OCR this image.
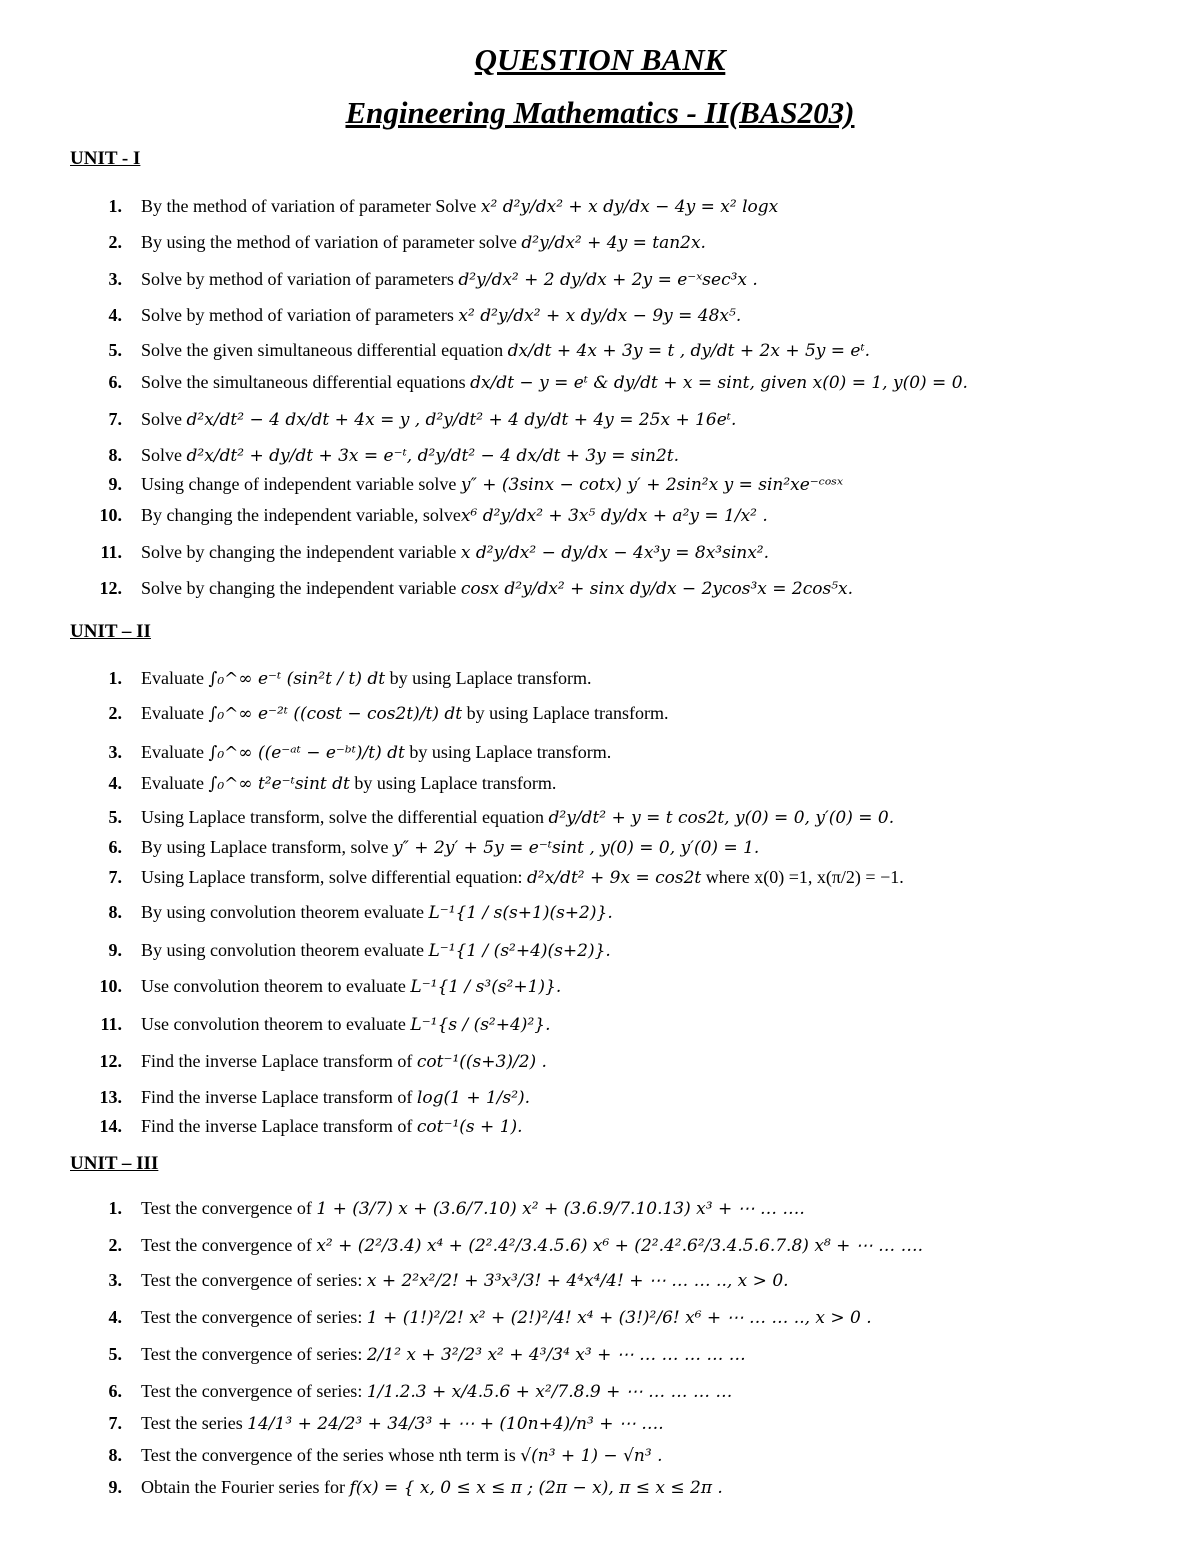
QUESTION BANK
Engineering Mathematics - II(BAS203)
UNIT - I
1. By the method of variation of parameter Solve x² d²y/dx² + x dy/dx − 4y = x² logx
2. By using the method of variation of parameter solve d²y/dx² + 4y = tan2x.
3. Solve by method of variation of parameters d²y/dx² + 2 dy/dx + 2y = e⁻ˣsec³x .
4. Solve by method of variation of parameters x² d²y/dx² + x dy/dx − 9y = 48x⁵.
5. Solve the given simultaneous differential equation dx/dt + 4x + 3y = t , dy/dt + 2x + 5y = eᵗ.
6. Solve the simultaneous differential equations dx/dt − y = eᵗ & dy/dt + x = sint, given x(0) = 1, y(0) = 0.
7. Solve d²x/dt² − 4 dx/dt + 4x = y , d²y/dt² + 4 dy/dt + 4y = 25x + 16eᵗ.
8. Solve d²x/dt² + dy/dt + 3x = e⁻ᵗ, d²y/dt² − 4 dx/dt + 3y = sin2t.
9. Using change of independent variable solve y″ + (3sinx − cotx) y′ + 2sin²x y = sin²xe⁻ᶜᵒˢˣ
10. By changing the independent variable, solvex⁶ d²y/dx² + 3x⁵ dy/dx + a²y = 1/x² .
11. Solve by changing the independent variable x d²y/dx² − dy/dx − 4x³y = 8x³sinx².
12. Solve by changing the independent variable cosx d²y/dx² + sinx dy/dx − 2ycos³x = 2cos⁵x.
UNIT – II
1. Evaluate ∫₀^∞ e⁻ᵗ (sin²t / t) dt by using Laplace transform.
2. Evaluate ∫₀^∞ e⁻²ᵗ ((cost − cos2t)/t) dt by using Laplace transform.
3. Evaluate ∫₀^∞ ((e⁻ᵃᵗ − e⁻ᵇᵗ)/t) dt by using Laplace transform.
4. Evaluate ∫₀^∞ t²e⁻ᵗsint dt by using Laplace transform.
5. Using Laplace transform, solve the differential equation d²y/dt² + y = t cos2t, y(0) = 0, y′(0) = 0.
6. By using Laplace transform, solve y″ + 2y′ + 5y = e⁻ᵗsint , y(0) = 0, y′(0) = 1.
7. Using Laplace transform, solve differential equation: d²x/dt² + 9x = cos2t where x(0) =1, x(π/2) = −1.
8. By using convolution theorem evaluate L⁻¹{1 / s(s+1)(s+2)}.
9. By using convolution theorem evaluate L⁻¹{1 / (s²+4)(s+2)}.
10. Use convolution theorem to evaluate L⁻¹{1 / s³(s²+1)}.
11. Use convolution theorem to evaluate L⁻¹{s / (s²+4)²}.
12. Find the inverse Laplace transform of cot⁻¹((s+3)/2) .
13. Find the inverse Laplace transform of log(1 + 1/s²).
14. Find the inverse Laplace transform of cot⁻¹(s + 1).
UNIT – III
1. Test the convergence of 1 + (3/7) x + (3.6/7.10) x² + (3.6.9/7.10.13) x³ + ⋯ … ….
2. Test the convergence of x² + (2²/3.4) x⁴ + (2².4²/3.4.5.6) x⁶ + (2².4².6²/3.4.5.6.7.8) x⁸ + ⋯ … ….
3. Test the convergence of series: x + 2²x²/2! + 3³x³/3! + 4⁴x⁴/4! + ⋯ … … .., x > 0.
4. Test the convergence of series: 1 + (1!)²/2! x² + (2!)²/4! x⁴ + (3!)²/6! x⁶ + ⋯ … … .., x > 0 .
5. Test the convergence of series: 2/1² x + 3²/2³ x² + 4³/3⁴ x³ + ⋯ … … … … …
6. Test the convergence of series: 1/1.2.3 + x/4.5.6 + x²/7.8.9 + ⋯ … … … …
7. Test the series 14/1³ + 24/2³ + 34/3³ + ⋯ + (10n+4)/n³ + ⋯ ….
8. Test the convergence of the series whose nth term is √(n³ + 1) − √n³ .
9. Obtain the Fourier series for f(x) = { x, 0 ≤ x ≤ π ; (2π − x), π ≤ x ≤ 2π .
